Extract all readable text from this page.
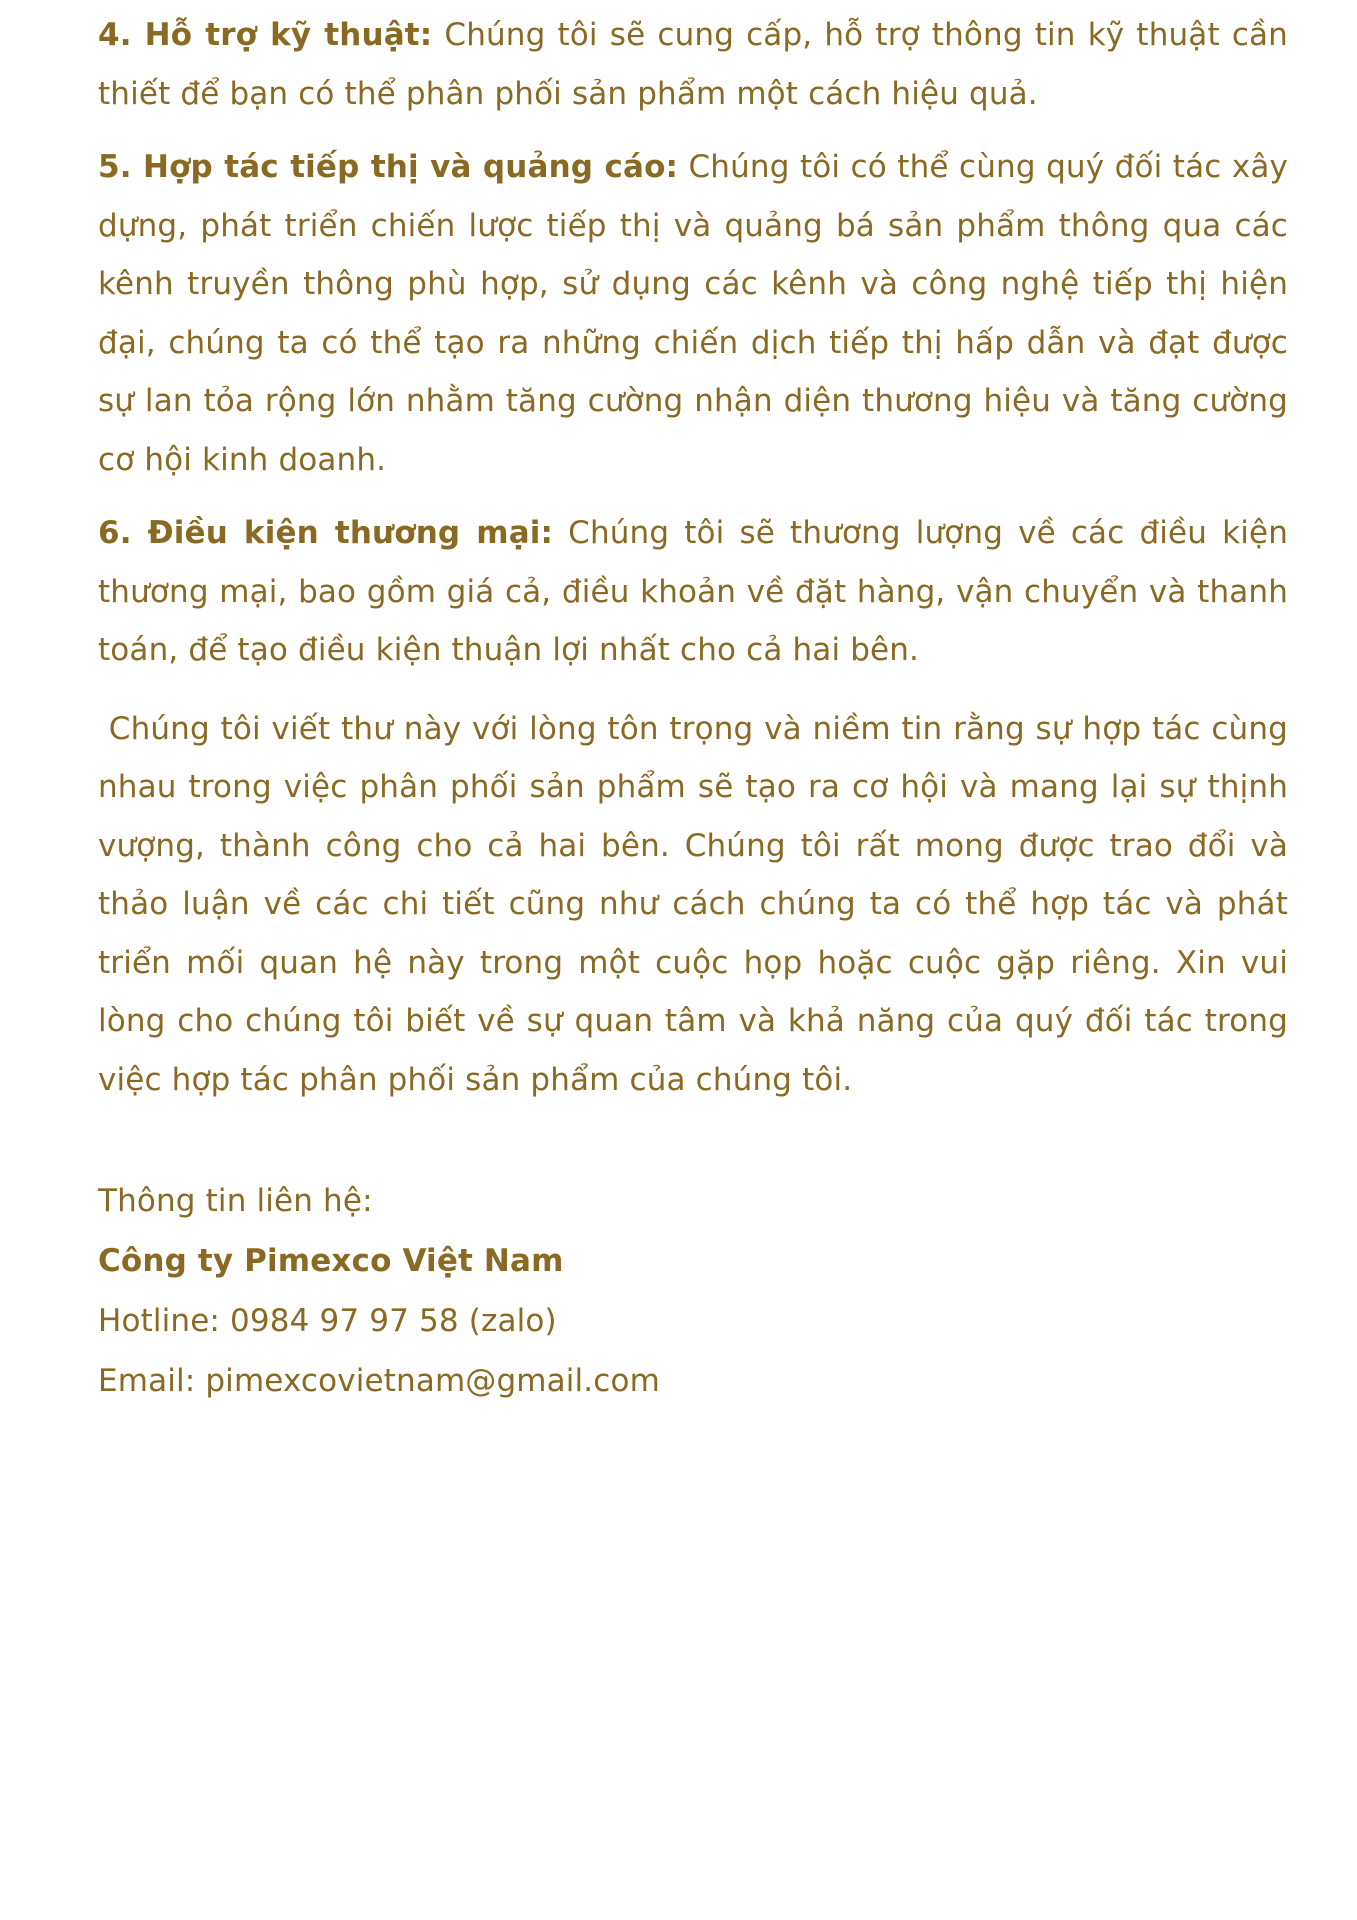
4. Hỗ trợ kỹ thuật: Chúng tôi sẽ cung cấp, hỗ trợ thông tin kỹ thuật cần thiết để bạn có thể phân phối sản phẩm một cách hiệu quả.

5. Hợp tác tiếp thị và quảng cáo: Chúng tôi có thể cùng quý đối tác xây dựng, phát triển chiến lược tiếp thị và quảng bá sản phẩm thông qua các kênh truyền thông phù hợp, sử dụng các kênh và công nghệ tiếp thị hiện đại, chúng ta có thể tạo ra những chiến dịch tiếp thị hấp dẫn và đạt được sự lan tỏa rộng lớn nhằm tăng cường nhận diện thương hiệu và tăng cường cơ hội kinh doanh.

6. Điều kiện thương mại: Chúng tôi sẽ thương lượng về các điều kiện thương mại, bao gồm giá cả, điều khoản về đặt hàng, vận chuyển và thanh toán, để tạo điều kiện thuận lợi nhất cho cả hai bên.

Chúng tôi viết thư này với lòng tôn trọng và niềm tin rằng sự hợp tác cùng nhau trong việc phân phối sản phẩm sẽ tạo ra cơ hội và mang lại sự thịnh vượng, thành công cho cả hai bên. Chúng tôi rất mong được trao đổi và thảo luận về các chi tiết cũng như cách chúng ta có thể hợp tác và phát triển mối quan hệ này trong một cuộc họp hoặc cuộc gặp riêng. Xin vui lòng cho chúng tôi biết về sự quan tâm và khả năng của quý đối tác trong việc hợp tác phân phối sản phẩm của chúng tôi.

Thông tin liên hệ:

Công ty Pimexco Việt Nam

Hotline: 0984 97 97 58 (zalo)

Email: pimexcovietnam@gmail.com
